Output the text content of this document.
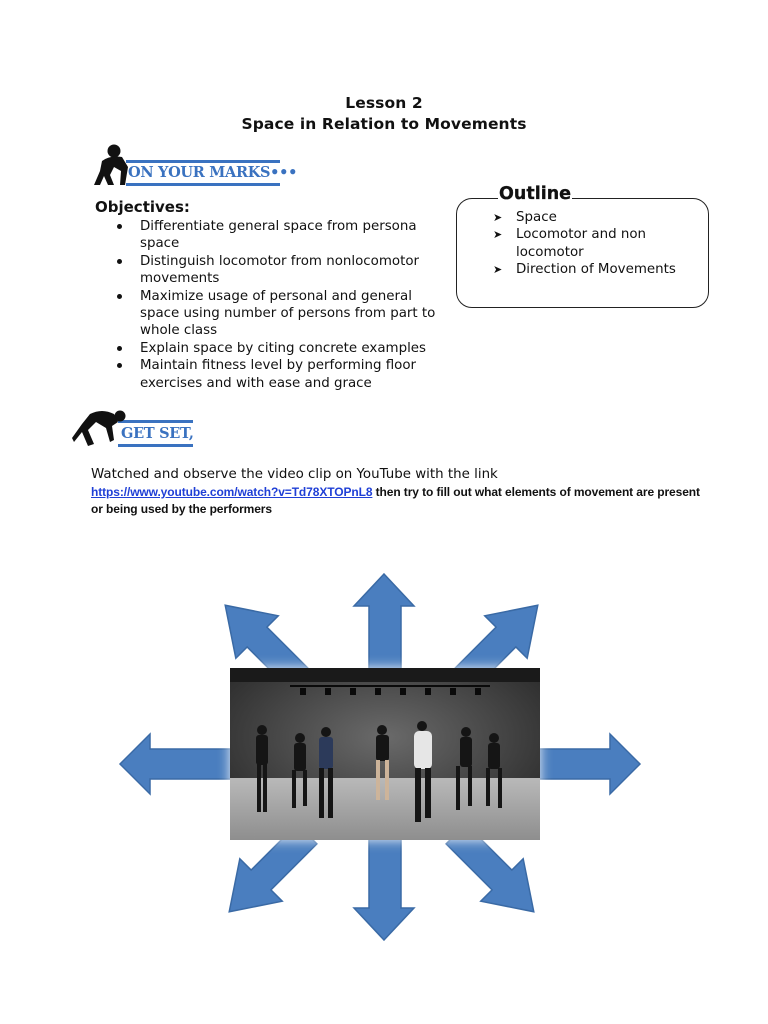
Lesson 2
Space in Relation to Movements
ON YOUR MARKS•••
Objectives:
Differentiate general space from persona space
Distinguish locomotor from nonlocomotor movements
Maximize usage of personal and general space using number of persons from part to whole class
Explain space by citing concrete examples
Maintain fitness level by performing floor exercises and with ease and grace
Outline
➤ Space
➤ Locomotor and non locomotor
➤ Direction of Movements
GET SET,
Watched and observe the video clip on YouTube with the link
https://www.youtube.com/watch?v=Td78XTOPnL8 then try to fill out what elements of movement are present or being used by the performers
